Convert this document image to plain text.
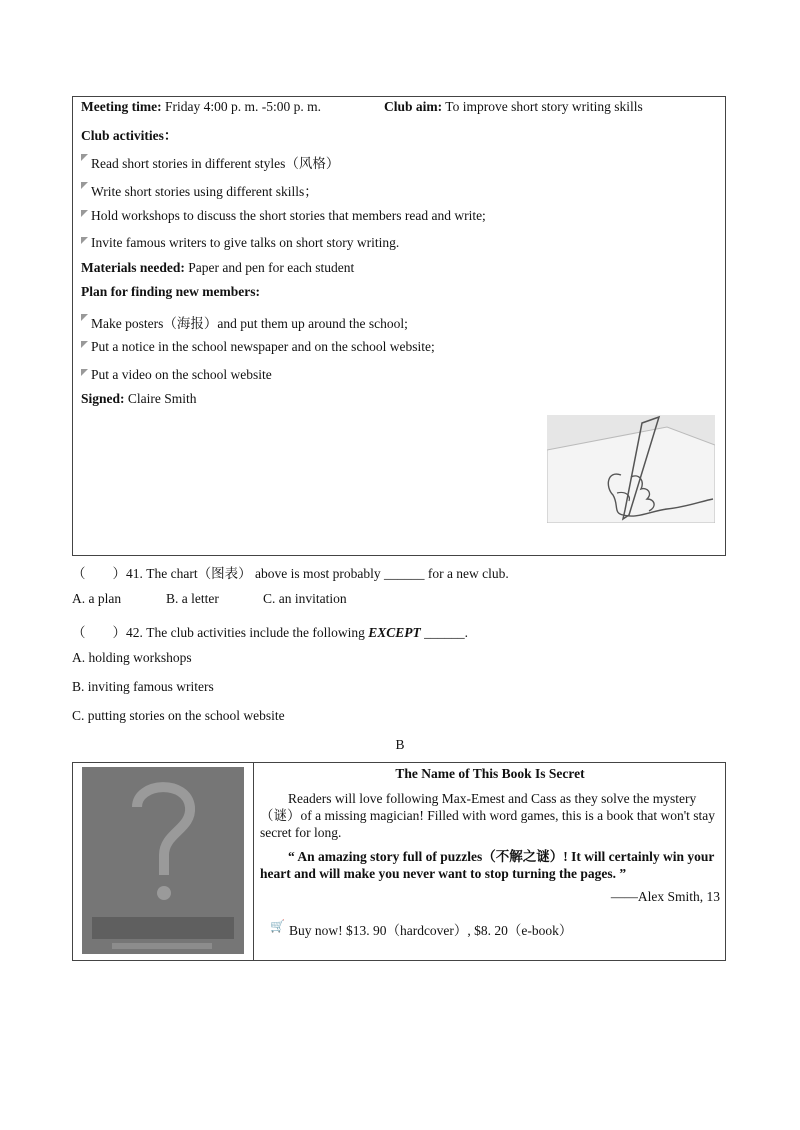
Meeting time: Friday 4:00 p. m. -5:00 p. m.	Club aim: To improve short story writing skills
Club activities：
Read short stories in different styles（风格）
Write short stories using different skills；
Hold workshops to discuss the short stories that members read and write;
Invite famous writers to give talks on short story writing.
Materials needed: Paper and pen for each student
Plan for finding new members:
Make posters（海报）and put them up around the school;
Put a notice in the school newspaper and on the school website;
Put a video on the school website
Signed: Claire Smith
（　　）41. The chart（图表） above is most probably ______ for a new club.
A. a plan	B. a letter	C. an invitation
（　　）42. The club activities include the following EXCEPT ______.
A. holding workshops
B. inviting famous writers
C. putting stories on the school website
B
The Name of This Book Is Secret
Readers will love following Max-Emest and Cass as they solve the mystery（谜）of a missing magician! Filled with word games, this is a book that won't stay secret for long.
“ An amazing story full of puzzles（不解之谜）! It will certainly win your heart and will make you never want to stop turning the pages. ”
——Alex Smith, 13
🛒 Buy now! $13. 90（hardcover）, $8. 20（e-book）
